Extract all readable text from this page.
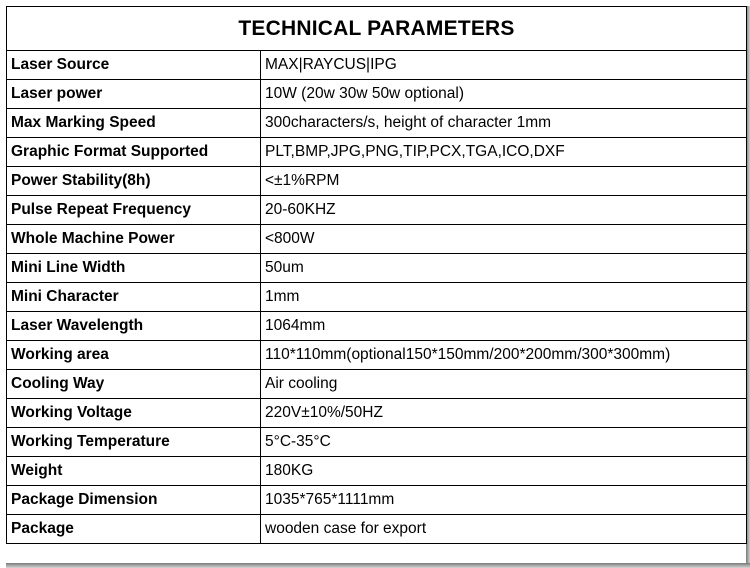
TECHNICAL PARAMETERS	
Laser Source	MAX|RAYCUS|IPG
Laser power	10W (20w 30w 50w optional)
Max Marking Speed	300characters/s, height of character 1mm
Graphic Format Supported	PLT,BMP,JPG,PNG,TIP,PCX,TGA,ICO,DXF
Power Stability(8h)	<±1%RPM
Pulse Repeat Frequency	20-60KHZ
Whole Machine Power	<800W
Mini Line Width	50um
Mini Character	1mm
Laser Wavelength	1064mm
Working area	110*110mm(optional150*150mm/200*200mm/300*300mm)
Cooling Way	Air cooling
Working Voltage	220V±10%/50HZ
Working Temperature	5°C-35°C
Weight	180KG
Package Dimension	1035*765*1111mm
Package	wooden case for export
